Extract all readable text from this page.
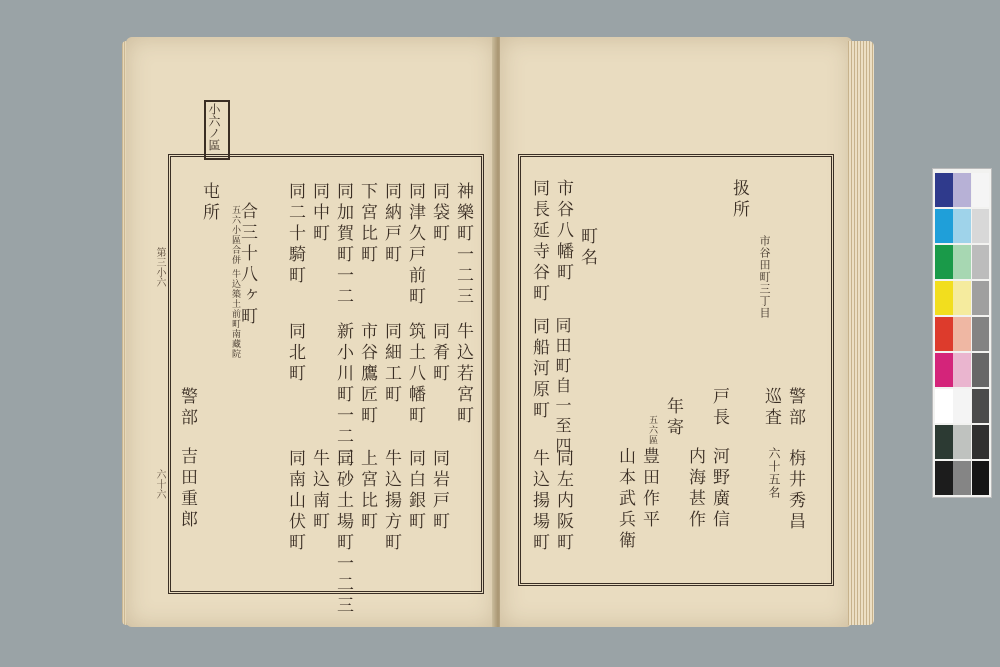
小六ノ區
第三小六
六十六
神樂町一二三
牛込若宮町
同袋町
同肴町
同岩戸町
同津久戸前町
筑土八幡町
同白銀町
同納戸町
同細工町
牛込揚方町
下宮比町
市谷鷹匠町
上宮比町
同加賀町一二
新小川町一二三
同砂土場町一二三
同中町
牛込南町
同二十騎町
同北町
同南山伏町
合三十八ヶ町
屯所
五六小區合併 牛込築土前町南藏院
警部
吉田重郎
扱所
市谷田町三丁目
町名
市谷八幡町
同長延寺谷町
同田町自一至四
同船河原町
同左内阪町
牛込揚場町
警部
巡査
六十五名 栴井秀昌
戸長
河野廣信
内海甚作
年寄
五六區
豊田作平
山本武兵衛
